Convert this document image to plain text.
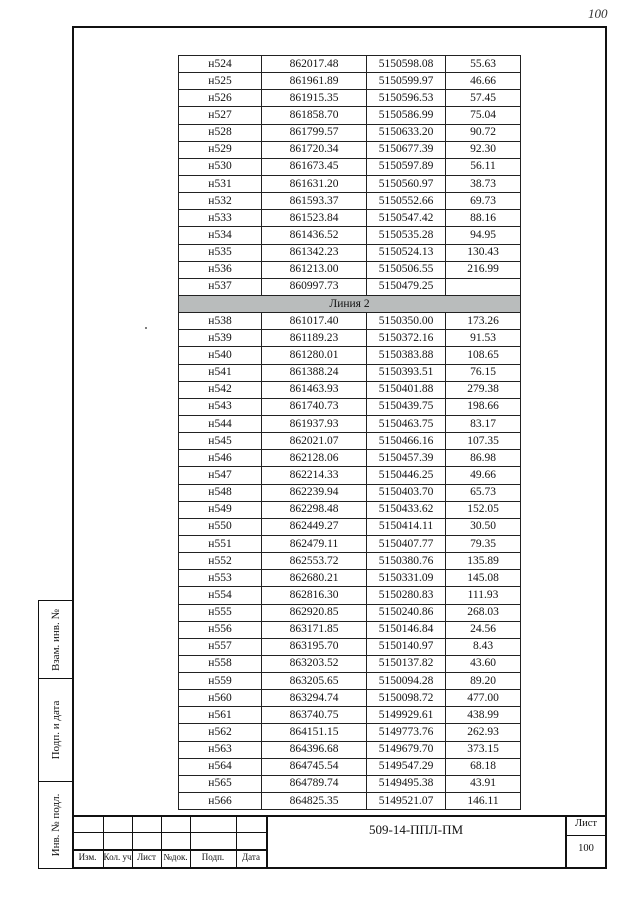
100
Взам. инв. №
Подп. и дата
Инв. № подл.
н524	862017.48	5150598.08	55.63
н525	861961.89	5150599.97	46.66
н526	861915.35	5150596.53	57.45
н527	861858.70	5150586.99	75.04
н528	861799.57	5150633.20	90.72
н529	861720.34	5150677.39	92.30
н530	861673.45	5150597.89	56.11
н531	861631.20	5150560.97	38.73
н532	861593.37	5150552.66	69.73
н533	861523.84	5150547.42	88.16
н534	861436.52	5150535.28	94.95
н535	861342.23	5150524.13	130.43
н536	861213.00	5150506.55	216.99
н537	860997.73	5150479.25	
Линия 2			
н538	861017.40	5150350.00	173.26
н539	861189.23	5150372.16	91.53
н540	861280.01	5150383.88	108.65
н541	861388.24	5150393.51	76.15
н542	861463.93	5150401.88	279.38
н543	861740.73	5150439.75	198.66
н544	861937.93	5150463.75	83.17
н545	862021.07	5150466.16	107.35
н546	862128.06	5150457.39	86.98
н547	862214.33	5150446.25	49.66
н548	862239.94	5150403.70	65.73
н549	862298.48	5150433.62	152.05
н550	862449.27	5150414.11	30.50
н551	862479.11	5150407.77	79.35
н552	862553.72	5150380.76	135.89
н553	862680.21	5150331.09	145.08
н554	862816.30	5150280.83	111.93
н555	862920.85	5150240.86	268.03
н556	863171.85	5150146.84	24.56
н557	863195.70	5150140.97	8.43
н558	863203.52	5150137.82	43.60
н559	863205.65	5150094.28	89.20
н560	863294.74	5150098.72	477.00
н561	863740.75	5149929.61	438.99
н562	864151.15	5149773.76	262.93
н563	864396.68	5149679.70	373.15
н564	864745.54	5149547.29	68.18
н565	864789.74	5149495.38	43.91
н566	864825.35	5149521.07	146.11
Изм. Кол. уч Лист №док.	Подп.	Дата
509-14-ППЛ-ПМ	Лист
100
